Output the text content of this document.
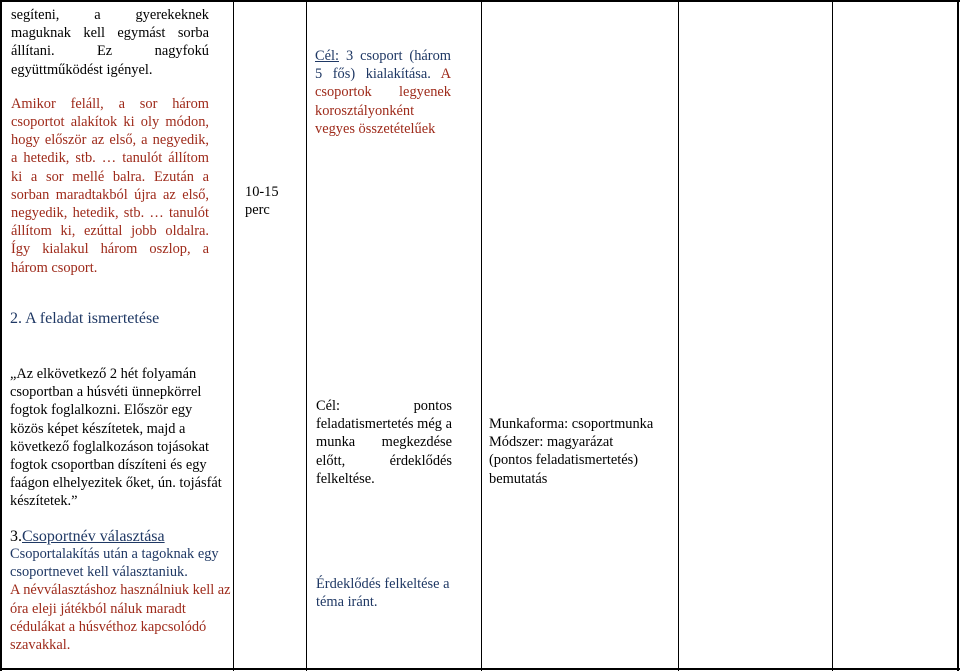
segíteni, a gyerekeknek maguknak kell egymást sorba állítani. Ez nagyfokú együttműködést igényel.

Amikor feláll, a sor három csoportot alakítok ki oly módon, hogy először az első, a negyedik, a hetedik, stb. … tanulót állítom ki a sor mellé balra. Ezután a sorban maradtakból újra az első, negyedik, hetedik, stb. … tanulót állítom ki, ezúttal jobb oldalra. Így kialakul három oszlop, a három csoport.

10-15
perc
Cél: 3 csoport (három 5 fős) kialakítása. A csoportok legyenek korosztályonként vegyes összetételűek
2. A feladat ismertetése
„Az elkövetkező 2 hét folyamán csoportban a húsvéti ünnepkörrel fogtok foglalkozni. Először egy közös képet készítetek, majd a következő foglalkozáson tojásokat fogtok csoportban díszíteni és egy faágon elhelyezitek őket, ún. tojásfát készítetek.”
Cél: pontos feladatismertetés még a munka megkezdése előtt, érdeklődés felkeltése.
Munkaforma: csoportmunka
Módszer: magyarázat
(pontos feladatismertetés)
bemutatás
3.Csoportnév választása
Csoportalakítás után a tagoknak egy csoportnevet kell választaniuk.
A névválasztáshoz használniuk kell az óra eleji játékból náluk maradt cédulákat a húsvéthoz kapcsolódó szavakkal.
Érdeklődés felkeltése a téma iránt.
